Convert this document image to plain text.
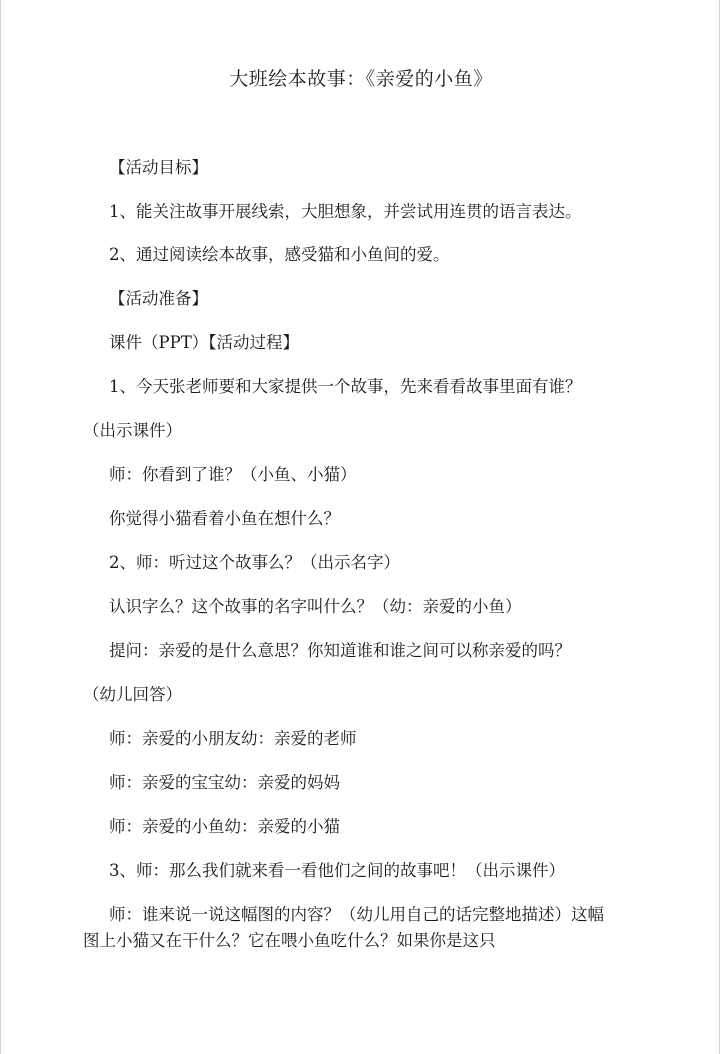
大班绘本故事：《亲爱的小鱼》
【活动目标】
1、能关注故事开展线索，大胆想象，并尝试用连贯的语言表达。
2、通过阅读绘本故事，感受猫和小鱼间的爱。
【活动准备】
课件（PPT）【活动过程】
1、今天张老师要和大家提供一个故事，先来看看故事里面有谁？
（出示课件）
师：你看到了谁？（小鱼、小猫）
你觉得小猫看着小鱼在想什么？
2、师：听过这个故事么？（出示名字）
认识字么？这个故事的名字叫什么？（幼：亲爱的小鱼）
提问：亲爱的是什么意思？你知道谁和谁之间可以称亲爱的吗？
（幼儿回答）
师：亲爱的小朋友幼：亲爱的老师
师：亲爱的宝宝幼：亲爱的妈妈
师：亲爱的小鱼幼：亲爱的小猫
3、师：那么我们就来看一看他们之间的故事吧！（出示课件）
师：谁来说一说这幅图的内容？（幼儿用自己的话完整地描述）这幅
图上小猫又在干什么？它在喂小鱼吃什么？如果你是这只
